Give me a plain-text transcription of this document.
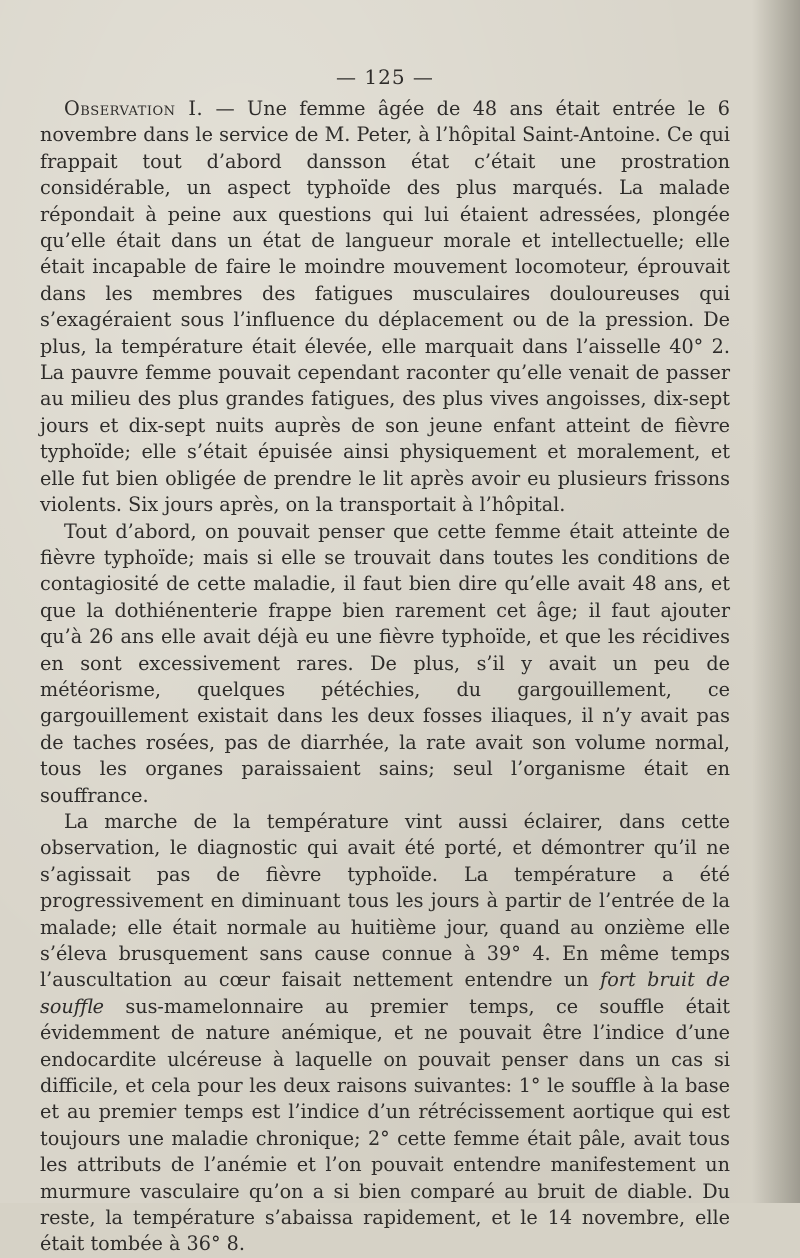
— 125 —

Observation I. — Une femme âgée de 48 ans était entrée le 6 novembre dans le service de M. Peter, à l’hôpital Saint-Antoine. Ce qui frappait tout d’abord dansson état c’était une prostration considérable, un aspect typhoïde des plus marqués. La malade répondait à peine aux questions qui lui étaient adressées, plongée qu’elle était dans un état de langueur morale et intellectuelle; elle était incapable de faire le moindre mouvement locomoteur, éprouvait dans les membres des fatigues musculaires douloureuses qui s’exagéraient sous l’influence du déplacement ou de la pression. De plus, la température était élevée, elle marquait dans l’aisselle 40° 2. La pauvre femme pouvait cependant raconter qu’elle venait de passer au milieu des plus grandes fatigues, des plus vives angoisses, dix-sept jours et dix-sept nuits auprès de son jeune enfant atteint de fièvre typhoïde; elle s’était épuisée ainsi physiquement et moralement, et elle fut bien obligée de prendre le lit après avoir eu plusieurs frissons violents. Six jours après, on la transportait à l’hôpital.

Tout d’abord, on pouvait penser que cette femme était atteinte de fièvre typhoïde; mais si elle se trouvait dans toutes les conditions de contagiosité de cette maladie, il faut bien dire qu’elle avait 48 ans, et que la dothiénenterie frappe bien rarement cet âge; il faut ajouter qu’à 26 ans elle avait déjà eu une fièvre typhoïde, et que les récidives en sont excessivement rares. De plus, s’il y avait un peu de météorisme, quelques pétéchies, du gargouillement, ce gargouillement existait dans les deux fosses iliaques, il n’y avait pas de taches rosées, pas de diarrhée, la rate avait son volume normal, tous les organes paraissaient sains; seul l’organisme était en souffrance.

La marche de la température vint aussi éclairer, dans cette observation, le diagnostic qui avait été porté, et démontrer qu’il ne s’agissait pas de fièvre typhoïde. La température a été progressivement en diminuant tous les jours à partir de l’entrée de la malade; elle était normale au huitième jour, quand au onzième elle s’éleva brusquement sans cause connue à 39° 4. En même temps l’auscultation au cœur faisait nettement entendre un fort bruit de souffle sus-mamelonnaire au premier temps, ce souffle était évidemment de nature anémique, et ne pouvait être l’indice d’une endocardite ulcéreuse à laquelle on pouvait penser dans un cas si difficile, et cela pour les deux raisons suivantes: 1° le souffle à la base et au premier temps est l’indice d’un rétrécissement aortique qui est toujours une maladie chronique; 2° cette femme était pâle, avait tous les attributs de l’anémie et l’on pouvait entendre manifestement un murmure vasculaire qu’on a si bien comparé au bruit de diable. Du reste, la température s’abaissa rapidement, et le 14 novembre, elle était tombée à 36° 8.
